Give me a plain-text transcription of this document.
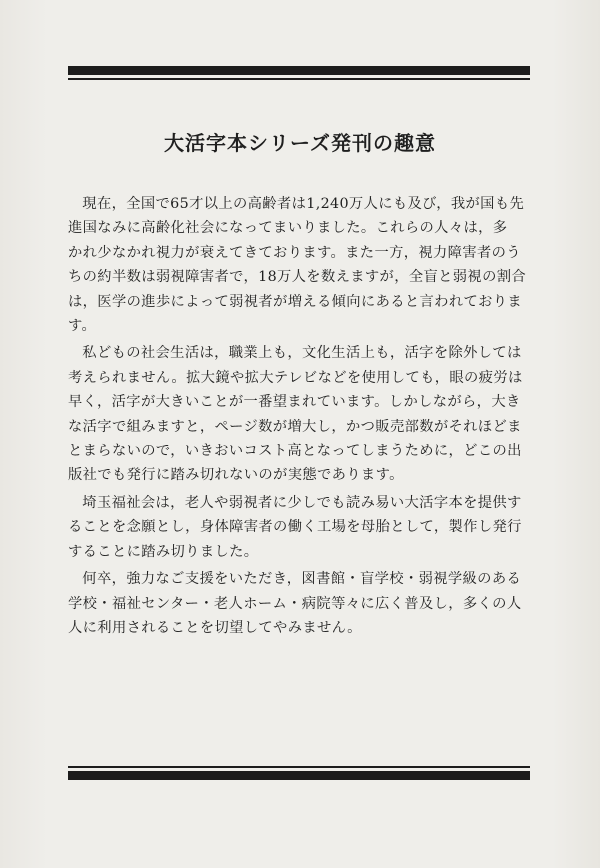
大活字本シリーズ発刊の趣意

現在，全国で65才以上の高齢者は1,240万人にも及び，我が国も先
進国なみに高齢化社会になってまいりました。これらの人々は，多
かれ少なかれ視力が衰えてきております。また一方，視力障害者のう
ちの約半数は弱視障害者で，18万人を数えますが，全盲と弱視の割合
は，医学の進歩によって弱視者が増える傾向にあると言われておりま
す。

私どもの社会生活は，職業上も，文化生活上も，活字を除外しては
考えられません。拡大鏡や拡大テレビなどを使用しても，眼の疲労は
早く，活字が大きいことが一番望まれています。しかしながら，大き
な活字で組みますと，ページ数が増大し，かつ販売部数がそれほどま
とまらないので，いきおいコスト高となってしまうために，どこの出
版社でも発行に踏み切れないのが実態であります。

埼玉福祉会は，老人や弱視者に少しでも読み易い大活字本を提供す
ることを念願とし，身体障害者の働く工場を母胎として，製作し発行
することに踏み切りました。

何卒，強力なご支援をいただき，図書館・盲学校・弱視学級のある
学校・福祉センター・老人ホーム・病院等々に広く普及し，多くの人
人に利用されることを切望してやみません。
